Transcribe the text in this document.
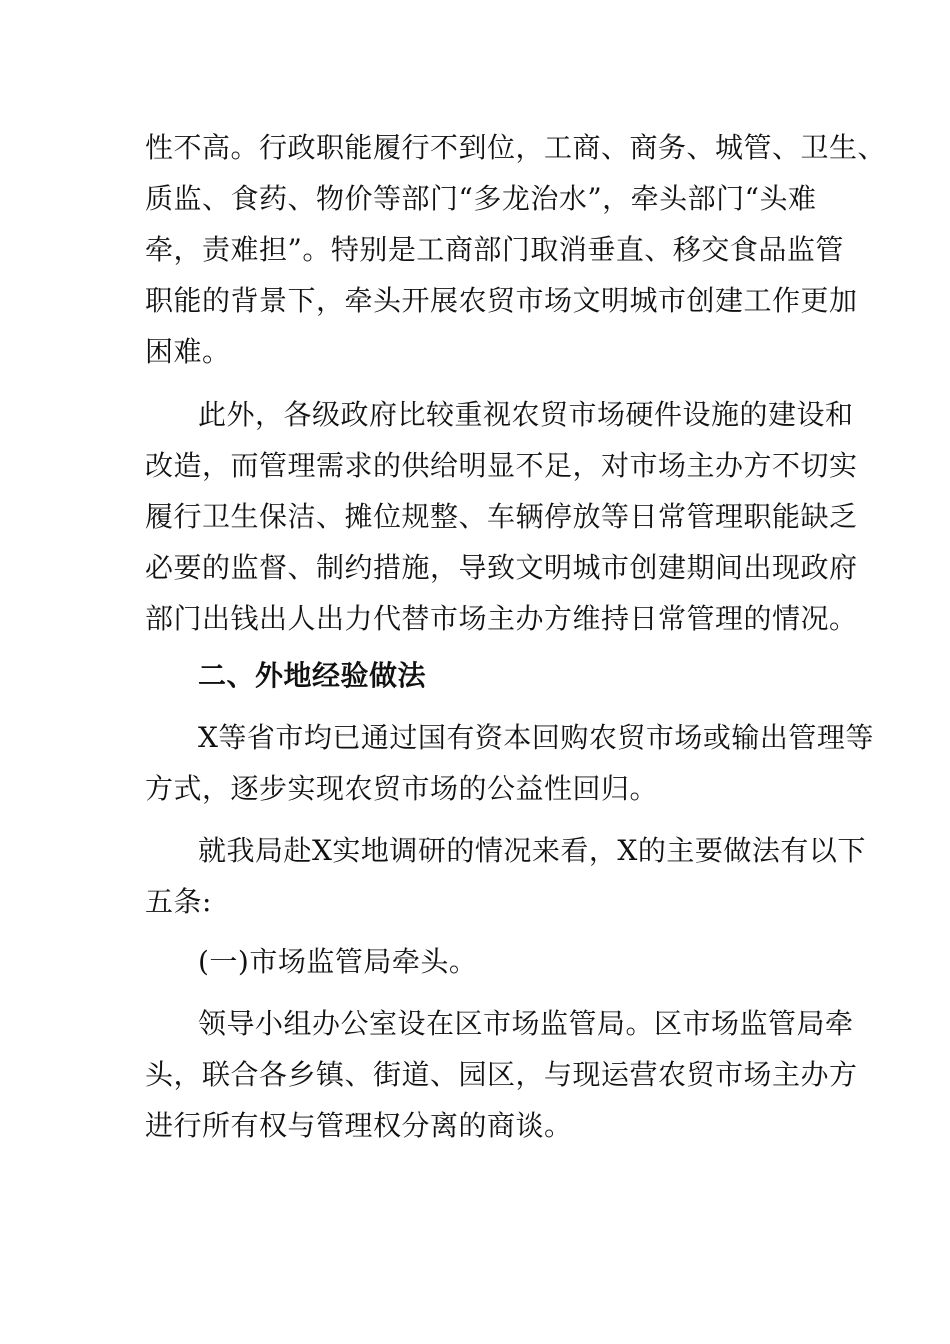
性不高。行政职能履行不到位，工商、商务、城管、卫生、
质监、食药、物价等部门“多龙治水”，牵头部门“头难
牵，责难担”。特别是工商部门取消垂直、移交食品监管
职能的背景下，牵头开展农贸市场文明城市创建工作更加
困难。
此外，各级政府比较重视农贸市场硬件设施的建设和
改造，而管理需求的供给明显不足，对市场主办方不切实
履行卫生保洁、摊位规整、车辆停放等日常管理职能缺乏
必要的监督、制约措施，导致文明城市创建期间出现政府
部门出钱出人出力代替市场主办方维持日常管理的情况。
二、外地经验做法
X等省市均已通过国有资本回购农贸市场或输出管理等
方式，逐步实现农贸市场的公益性回归。
就我局赴X实地调研的情况来看，X的主要做法有以下
五条:
(一)市场监管局牵头。
领导小组办公室设在区市场监管局。区市场监管局牵
头，联合各乡镇、街道、园区，与现运营农贸市场主办方
进行所有权与管理权分离的商谈。
